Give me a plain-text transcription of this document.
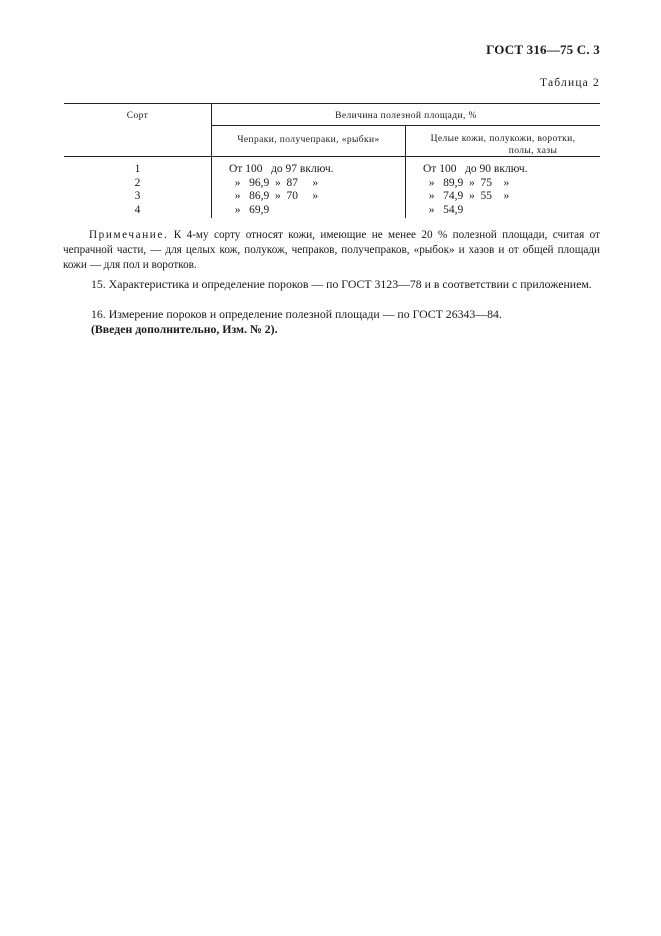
ГОСТ 316—75 С. 3
Таблица 2
Сорт	Величина полезной площади, %
Чепраки, получепраки, «рыбки»	Целые кожи, полукожи, воротки,
полы, хазы
1
2
3
4
От 100   до 97 включ.
»   96,9  »  87     »
»   86,9  »  70     »
»   69,9
От 100   до 90 включ.
»   89,9  »  75    »
»   74,9  »  55    »
»   54,9
Примечание. К 4-му сорту относят кожи, имеющие не менее 20 % полезной площади, считая от чепрачной части, — для целых кож, полукож, чепраков, получепраков, «рыбок» и хазов и от общей площади кожи — для пол и воротков.
15. Характеристика и определение пороков — по ГОСТ 3123—78 и в соответствии с приложением.
16. Измерение пороков и определение полезной площади — по ГОСТ 26343—84.
(Введен дополнительно, Изм. № 2).
